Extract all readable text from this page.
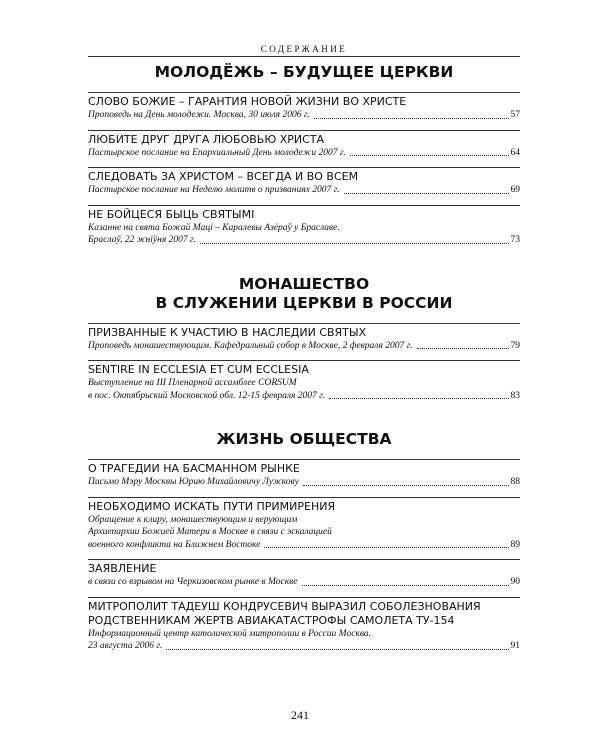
СОДЕРЖАНИЕ
МОЛОДЁЖЬ – БУДУЩЕЕ ЦЕРКВИ
СЛОВО БОЖИЕ – ГАРАНТИЯ НОВОЙ ЖИЗНИ ВО ХРИСТЕ
Проповедь на День молодежи. Москва, 30 июля 2006 г.	57
ЛЮБИТЕ ДРУГ ДРУГА ЛЮБОВЬЮ ХРИСТА
Пастырское послание на Епархиальный День молодежи 2007 г.	64
СЛЕДОВАТЬ ЗА ХРИСТОМ – ВСЕГДА И ВО ВСЕМ
Пастырское послание на Неделю молитв о призваниях 2007 г.	69
НЕ БОЙЦЕСЯ БЫЦЬ СВЯТЫМІ
Казанне на свята Божай Маці – Каралевы Азёраў у Браславе.
Браслаў, 22 жніўня 2007 г.	73
МОНАШЕСТВО
В СЛУЖЕНИИ ЦЕРКВИ В РОССИИ
ПРИЗВАННЫЕ К УЧАСТИЮ В НАСЛЕДИИ СВЯТЫХ
Проповедь монашествующим. Кафедральный собор в Москве, 2 февраля 2007 г.	79
SENTIRE IN ECCLESIA ET CUM ECCLESIA
Выступление на III Пленарной ассамблее CORSUM
в пос. Октябрьский Московской обл. 12-15 февраля 2007 г.	83
ЖИЗНЬ ОБЩЕСТВА
О ТРАГЕДИИ НА БАСМАННОМ РЫНКЕ
Письмо Мэру Москвы Юрию Михайловичу Лужкову	88
НЕОБХОДИМО ИСКАТЬ ПУТИ ПРИМИРЕНИЯ
Обращение к клиру, монашествующим и верующим
Архиепархии Божией Матери в Москве в связи с эскалацией
военного конфликта на Ближнем Востоке	89
ЗАЯВЛЕНИЕ
в связи со взрывом на Черкизовском рынке в Москве	90
МИТРОПОЛИТ ТАДЕУШ КОНДРУСЕВИЧ ВЫРАЗИЛ СОБОЛЕЗНОВАНИЯ
РОДСТВЕННИКАМ ЖЕРТВ АВИАКАТАСТРОФЫ САМОЛЕТА ТУ-154
Информационный центр католической митрополии в России Москва.
23 августа 2006 г.	91
241
